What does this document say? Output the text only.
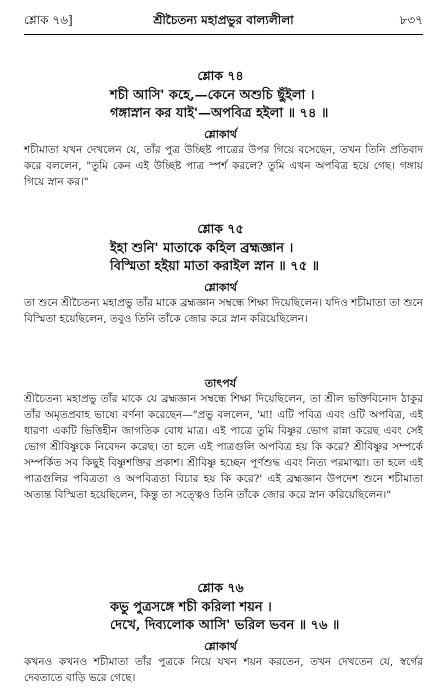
শ্লোক ৭৬]	শ্রীচৈতন্য মহাপ্রভুর বাল্যলীলা	৮৩৭
শ্লোক ৭৪
শচী আসি' কহে,—কেনে অশুচি ছুঁইলা ।
গঙ্গাস্নান কর যাই'—অপবিত্র হইলা ॥ ৭৪ ॥
শ্লোকার্থ
শচীমাতা যখন দেখলেন যে, তাঁর পুত্র উচ্ছিষ্ট পাত্রের উপর গিয়ে বসেছেন, তখন তিনি প্রতিবাদ করে বললেন, "তুমি কেন এই উচ্ছিষ্ট পাত্র স্পর্শ করলে? তুমি এখন অপবিত্র হয়ে গেছ। গঙ্গায় গিয়ে স্নান কর।"
শ্লোক ৭৫
ইহা শুনি' মাতাকে কহিল ব্রহ্মজ্ঞান ।
বিস্মিতা হইয়া মাতা করাইল স্নান ॥ ৭৫ ॥
শ্লোকার্থ
তা শুনে শ্রীচৈতন্য মহাপ্রভু তাঁর মাকে ব্রহ্মজ্ঞান সম্বন্ধে শিক্ষা দিয়েছিলেন। যদিও শচীমাতা তা শুনে বিস্মিতা হয়েছিলেন, তবুও তিনি তাঁকে জোর করে স্নান করিয়েছিলেন।
তাৎপর্য
শ্রীচৈতন্য মহাপ্রভু তাঁর মাকে যে ব্রহ্মজ্ঞান সম্বন্ধে শিক্ষা দিয়েছিলেন, তা শ্রীল ভক্তিবিনোদ ঠাকুর তাঁর অমৃতপ্রবাহ ভাষ্যে বর্ণনা করেছেন—"প্রভু বললেন, 'মা! এটি পবিত্র এবং ওটি অপবিত্র, এই ধারণা একটি ভিত্তিহীন জাগতিক বোধ মাত্র। এই পাত্রে তুমি বিষ্ণুর ভোগ রান্না করেছ এবং সেই ভোগ শ্রীবিষ্ণুকে নিবেদন করেছ। তা হলে এই পাত্রগুলি অপবিত্র হয় কি করে? শ্রীবিষ্ণুর সম্পর্কে সম্পর্কিত সব কিছুই বিষ্ণুশক্তির প্রকাশ। শ্রীবিষ্ণু হচ্ছেন পূর্ণশুদ্ধ এবং নিত্য পরমাত্মা। তা হলে এই পাত্রগুলির পবিত্রতা ও অপবিত্রতা বিচার হয় কি করে?' এই ব্রহ্মজ্ঞান উপদেশ শুনে শচীমাতা অত্যন্ত বিস্মিতা হয়েছিলেন, কিন্তু তা সত্ত্বেও তিনি তাঁকে জোর করে স্নান করিয়েছিলেন।"
শ্লোক ৭৬
কভু পুত্রসঙ্গে শচী করিলা শয়ন ।
দেখে, দিব্যলোক আসি' ভরিল ভবন ॥ ৭৬ ॥
শ্লোকার্থ
কখনও কখনও শচীমাতা তাঁর পুত্রকে নিয়ে যখন শয়ন করতেন, তখন দেখতেন যে, স্বর্গের দেবতাতে বাড়ি ভরে গেছে।
